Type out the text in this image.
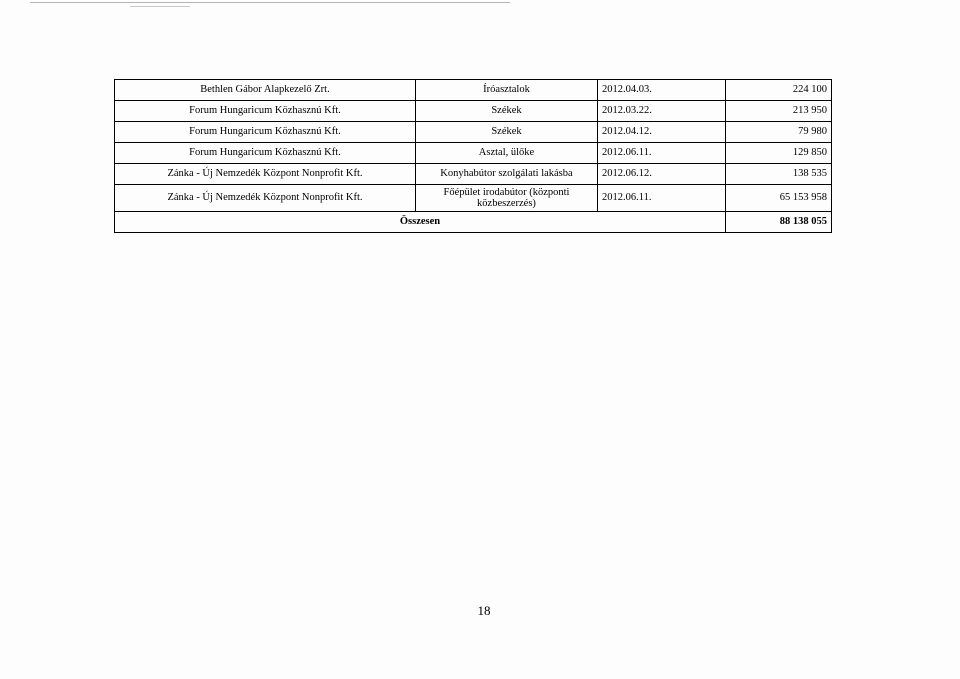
Bethlen Gábor Alapkezelő Zrt.	Íróasztalok	2012.04.03.	224 100
Forum Hungaricum Közhasznú Kft.	Székek	2012.03.22.	213 950
Forum Hungaricum Közhasznú Kft.	Székek	2012.04.12.	79 980
Forum Hungaricum Közhasznú Kft.	Asztal, ülőke	2012.06.11.	129 850
Zánka - Új Nemzedék Központ Nonprofit Kft.	Konyhabútor szolgálati lakásba	2012.06.12.	138 535
Zánka - Új Nemzedék Központ Nonprofit Kft.	Főépület irodabútor (központi közbeszerzés)	2012.06.11.	65 153 958
Összesen			88 138 055
18
